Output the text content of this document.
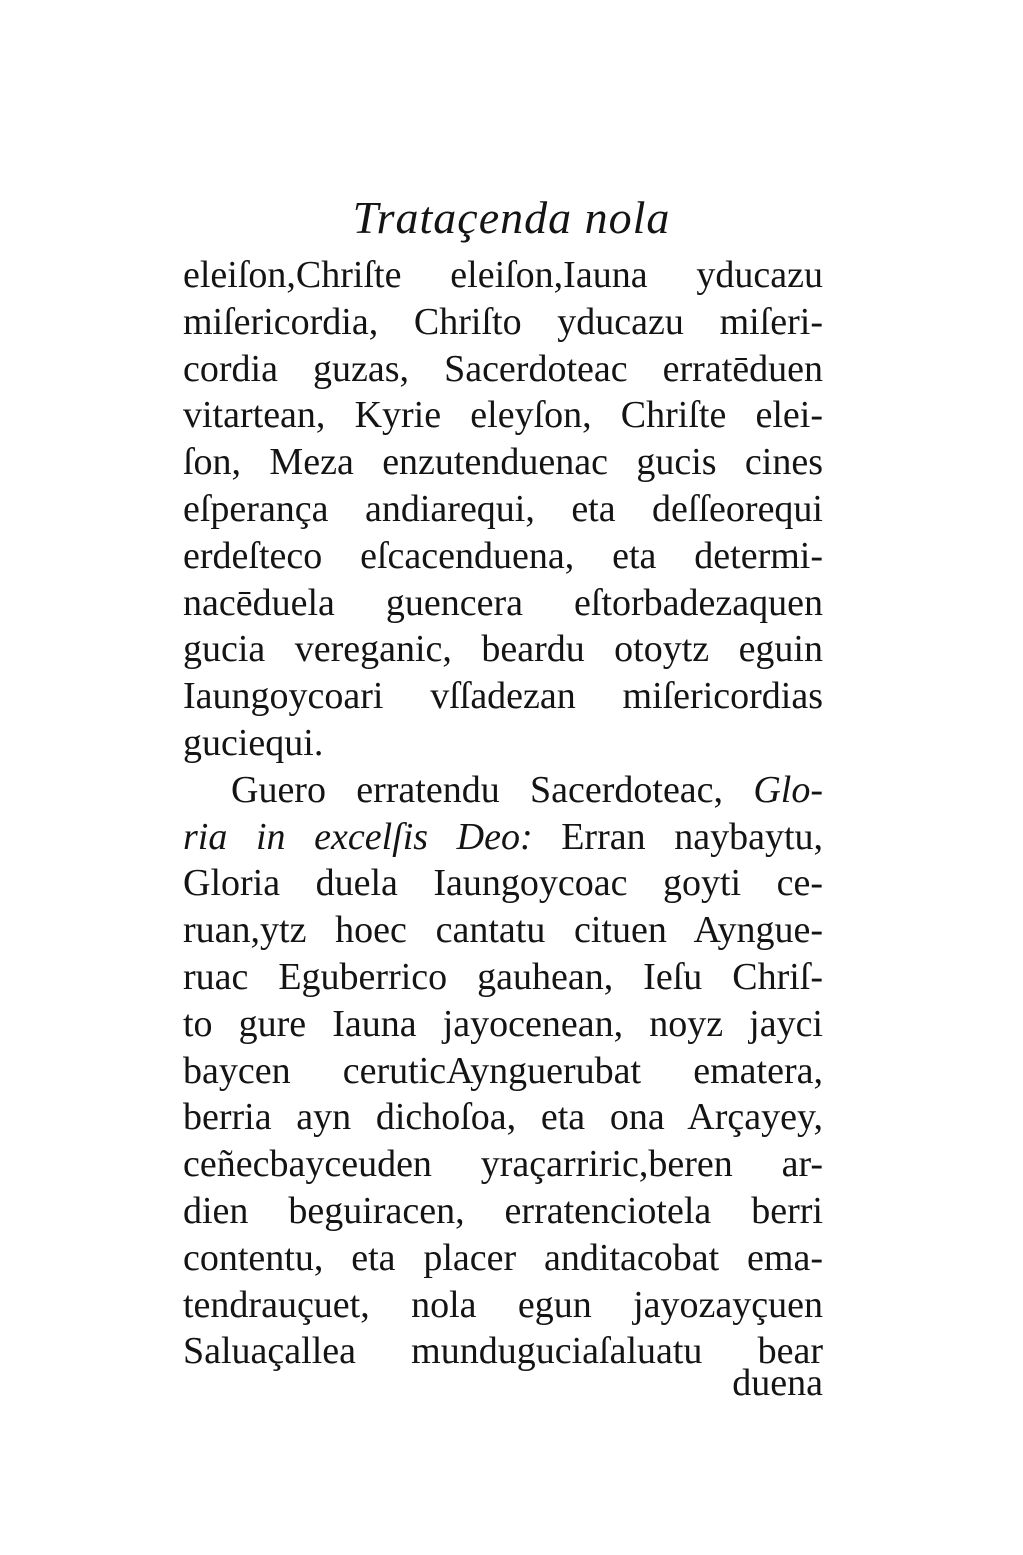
Trataçenda nola
eleiſon,Chriſte eleiſon,Iauna yducazu
miſericordia, Chriſto yducazu miſeri-
cordia guzas, Sacerdoteac erratēduen
vitartean, Kyrie eleyſon, Chriſte elei-
ſon, Meza enzutenduenac gucis cines
eſperança andiarequi, eta deſſeorequi
erdeſteco eſcacenduena, eta determi-
nacēduela guencera eſtorbadezaquen
gucia vereganic, beardu otoytz eguin
Iaungoycoari vſſadezan miſericordias
guciequi.
Guero erratendu Sacerdoteac, Glo-
ria in excelſis Deo: Erran naybaytu,
Gloria duela Iaungoycoac goyti ce-
ruan,ytz hoec cantatu cituen Ayngue-
ruac Eguberrico gauhean, Ieſu Chriſ-
to gure Iauna jayocenean, noyz jayci
baycen ceruticAynguerubat ematera,
berria ayn dichoſoa, eta ona Arçayey,
ceñecbayceuden yraçarriric,beren ar-
dien beguiracen, erratenciotela berri
contentu, eta placer anditacobat ema-
tendrauçuet, nola egun jayozayçuen
Saluaçallea munduguciaſaluatu bear
duena
